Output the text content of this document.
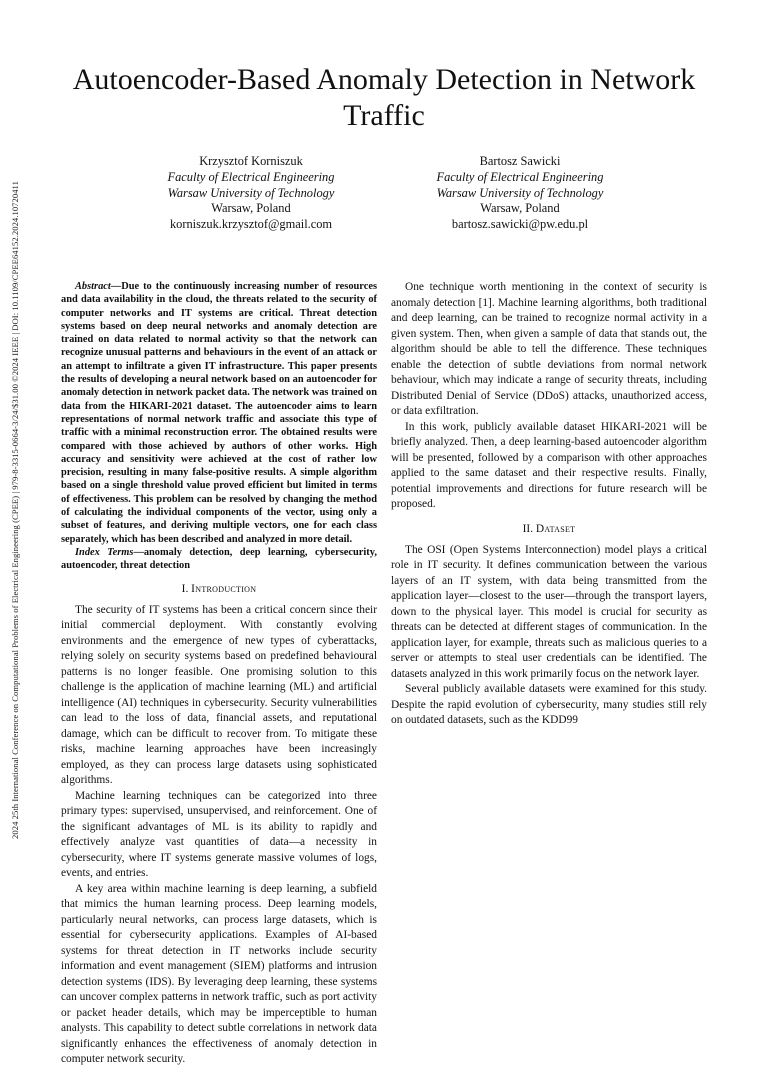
2024 25th International Conference on Computational Problems of Electrical Engineering (CPEE) | 979-8-3315-0664-3/24/$31.00 ©2024 IEEE | DOI: 10.1109/CPEE64152.2024.10720411
Autoencoder-Based Anomaly Detection in Network Traffic
Krzysztof Korniszuk
Faculty of Electrical Engineering
Warsaw University of Technology
Warsaw, Poland
korniszuk.krzysztof@gmail.com
Bartosz Sawicki
Faculty of Electrical Engineering
Warsaw University of Technology
Warsaw, Poland
bartosz.sawicki@pw.edu.pl

Abstract—Due to the continuously increasing number of resources and data availability in the cloud, the threats related to the security of computer networks and IT systems are critical. Threat detection systems based on deep neural networks and anomaly detection are trained on data related to normal activity so that the network can recognize unusual patterns and behaviours in the event of an attack or an attempt to infiltrate a given IT infrastructure. This paper presents the results of developing a neural network based on an autoencoder for anomaly detection in network packet data. The network was trained on data from the HIKARI-2021 dataset. The autoencoder aims to learn representations of normal network traffic and associate this type of traffic with a minimal reconstruction error. The obtained results were compared with those achieved by authors of other works. High accuracy and sensitivity were achieved at the cost of rather low precision, resulting in many false-positive results. A simple algorithm based on a single threshold value proved efficient but limited in terms of effectiveness. This problem can be resolved by changing the method of calculating the individual components of the vector, using only a subset of features, and deriving multiple vectors, one for each class separately, which has been described and analyzed in more detail.

Index Terms—anomaly detection, deep learning, cybersecurity, autoencoder, threat detection

I. Introduction

The security of IT systems has been a critical concern since their initial commercial deployment. With constantly evolving environments and the emergence of new types of cyberattacks, relying solely on security systems based on predefined behavioural patterns is no longer feasible. One promising solution to this challenge is the application of machine learning (ML) and artificial intelligence (AI) techniques in cybersecurity. Security vulnerabilities can lead to the loss of data, financial assets, and reputational damage, which can be difficult to recover from. To mitigate these risks, machine learning approaches have been increasingly employed, as they can process large datasets using sophisticated algorithms.

Machine learning techniques can be categorized into three primary types: supervised, unsupervised, and reinforcement. One of the significant advantages of ML is its ability to rapidly and effectively analyze vast quantities of data—a necessity in cybersecurity, where IT systems generate massive volumes of logs, events, and entries.

A key area within machine learning is deep learning, a subfield that mimics the human learning process. Deep learning models, particularly neural networks, can process large datasets, which is essential for cybersecurity applications. Examples of AI-based systems for threat detection in IT networks include security information and event management (SIEM) platforms and intrusion detection systems (IDS). By leveraging deep learning, these systems can uncover complex patterns in network traffic, such as port activity or packet header details, which may be imperceptible to human analysts. This capability to detect subtle correlations in network data significantly enhances the effectiveness of anomaly detection in computer network security.

One technique worth mentioning in the context of security is anomaly detection [1]. Machine learning algorithms, both traditional and deep learning, can be trained to recognize normal activity in a given system. Then, when given a sample of data that stands out, the algorithm should be able to tell the difference. These techniques enable the detection of subtle deviations from normal network behaviour, which may indicate a range of security threats, including Distributed Denial of Service (DDoS) attacks, unauthorized access, or data exfiltration.

In this work, publicly available dataset HIKARI-2021 will be briefly analyzed. Then, a deep learning-based autoencoder algorithm will be presented, followed by a comparison with other approaches applied to the same dataset and their respective results. Finally, potential improvements and directions for future research will be proposed.

II. Dataset

The OSI (Open Systems Interconnection) model plays a critical role in IT security. It defines communication between the various layers of an IT system, with data being transmitted from the application layer—closest to the user—through the transport layers, down to the physical layer. This model is crucial for security as threats can be detected at different stages of communication. In the application layer, for example, threats such as malicious queries to a server or attempts to steal user credentials can be identified. The datasets analyzed in this work primarily focus on the network layer.

Several publicly available datasets were examined for this study. Despite the rapid evolution of cybersecurity, many studies still rely on outdated datasets, such as the KDD99
